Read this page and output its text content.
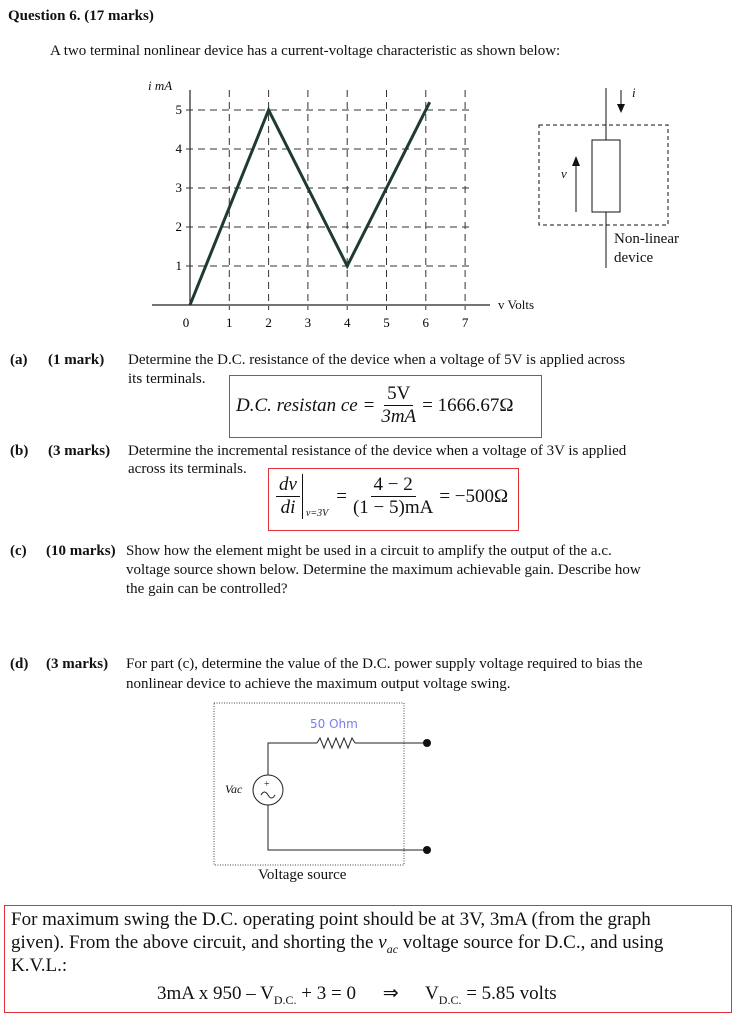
Question 6. (17 marks)
A two terminal nonlinear device has a current-voltage characteristic as shown below:
0	1	2	3	4	5	6	7
1
2
3
4
5
i mA
v Volts
i
v
Non-linear
device
(a) (1 mark) Determine the D.C. resistance of the device when a voltage of 5V is applied across
its terminals.
D.C. resistan ce = $\frac{5V}{3mA} = 1666.67\Omega$
(b) (3 marks) Determine the incremental resistance of the device when a voltage of 3V is applied
across its terminals.
$\frac{dv}{di} v=3V$
= $\frac{4 - 2}{(1 - 5)mA} = -500\Omega$
(c) (10 marks) Show how the element might be used in a circuit to amplify the output of the a.c.
voltage source shown below. Determine the maximum achievable gain. Describe how
the gain can be controlled?
(d) (3 marks) For part (c), determine the value of the D.C. power supply voltage required to bias the
nonlinear device to achieve the maximum output voltage swing.
+
50 Ohm
Vac
Voltage source
For maximum swing the D.C. operating point should be at 3V, 3mA (from the graph
given). From the above circuit, and shorting the $v_{ac}$ voltage source for D.C., and using
K.V.L.:
3mA x $950 - V_{D.C.} + 3 = 0$ ⇒ $V_{D.C.} = 5.85$ volts
